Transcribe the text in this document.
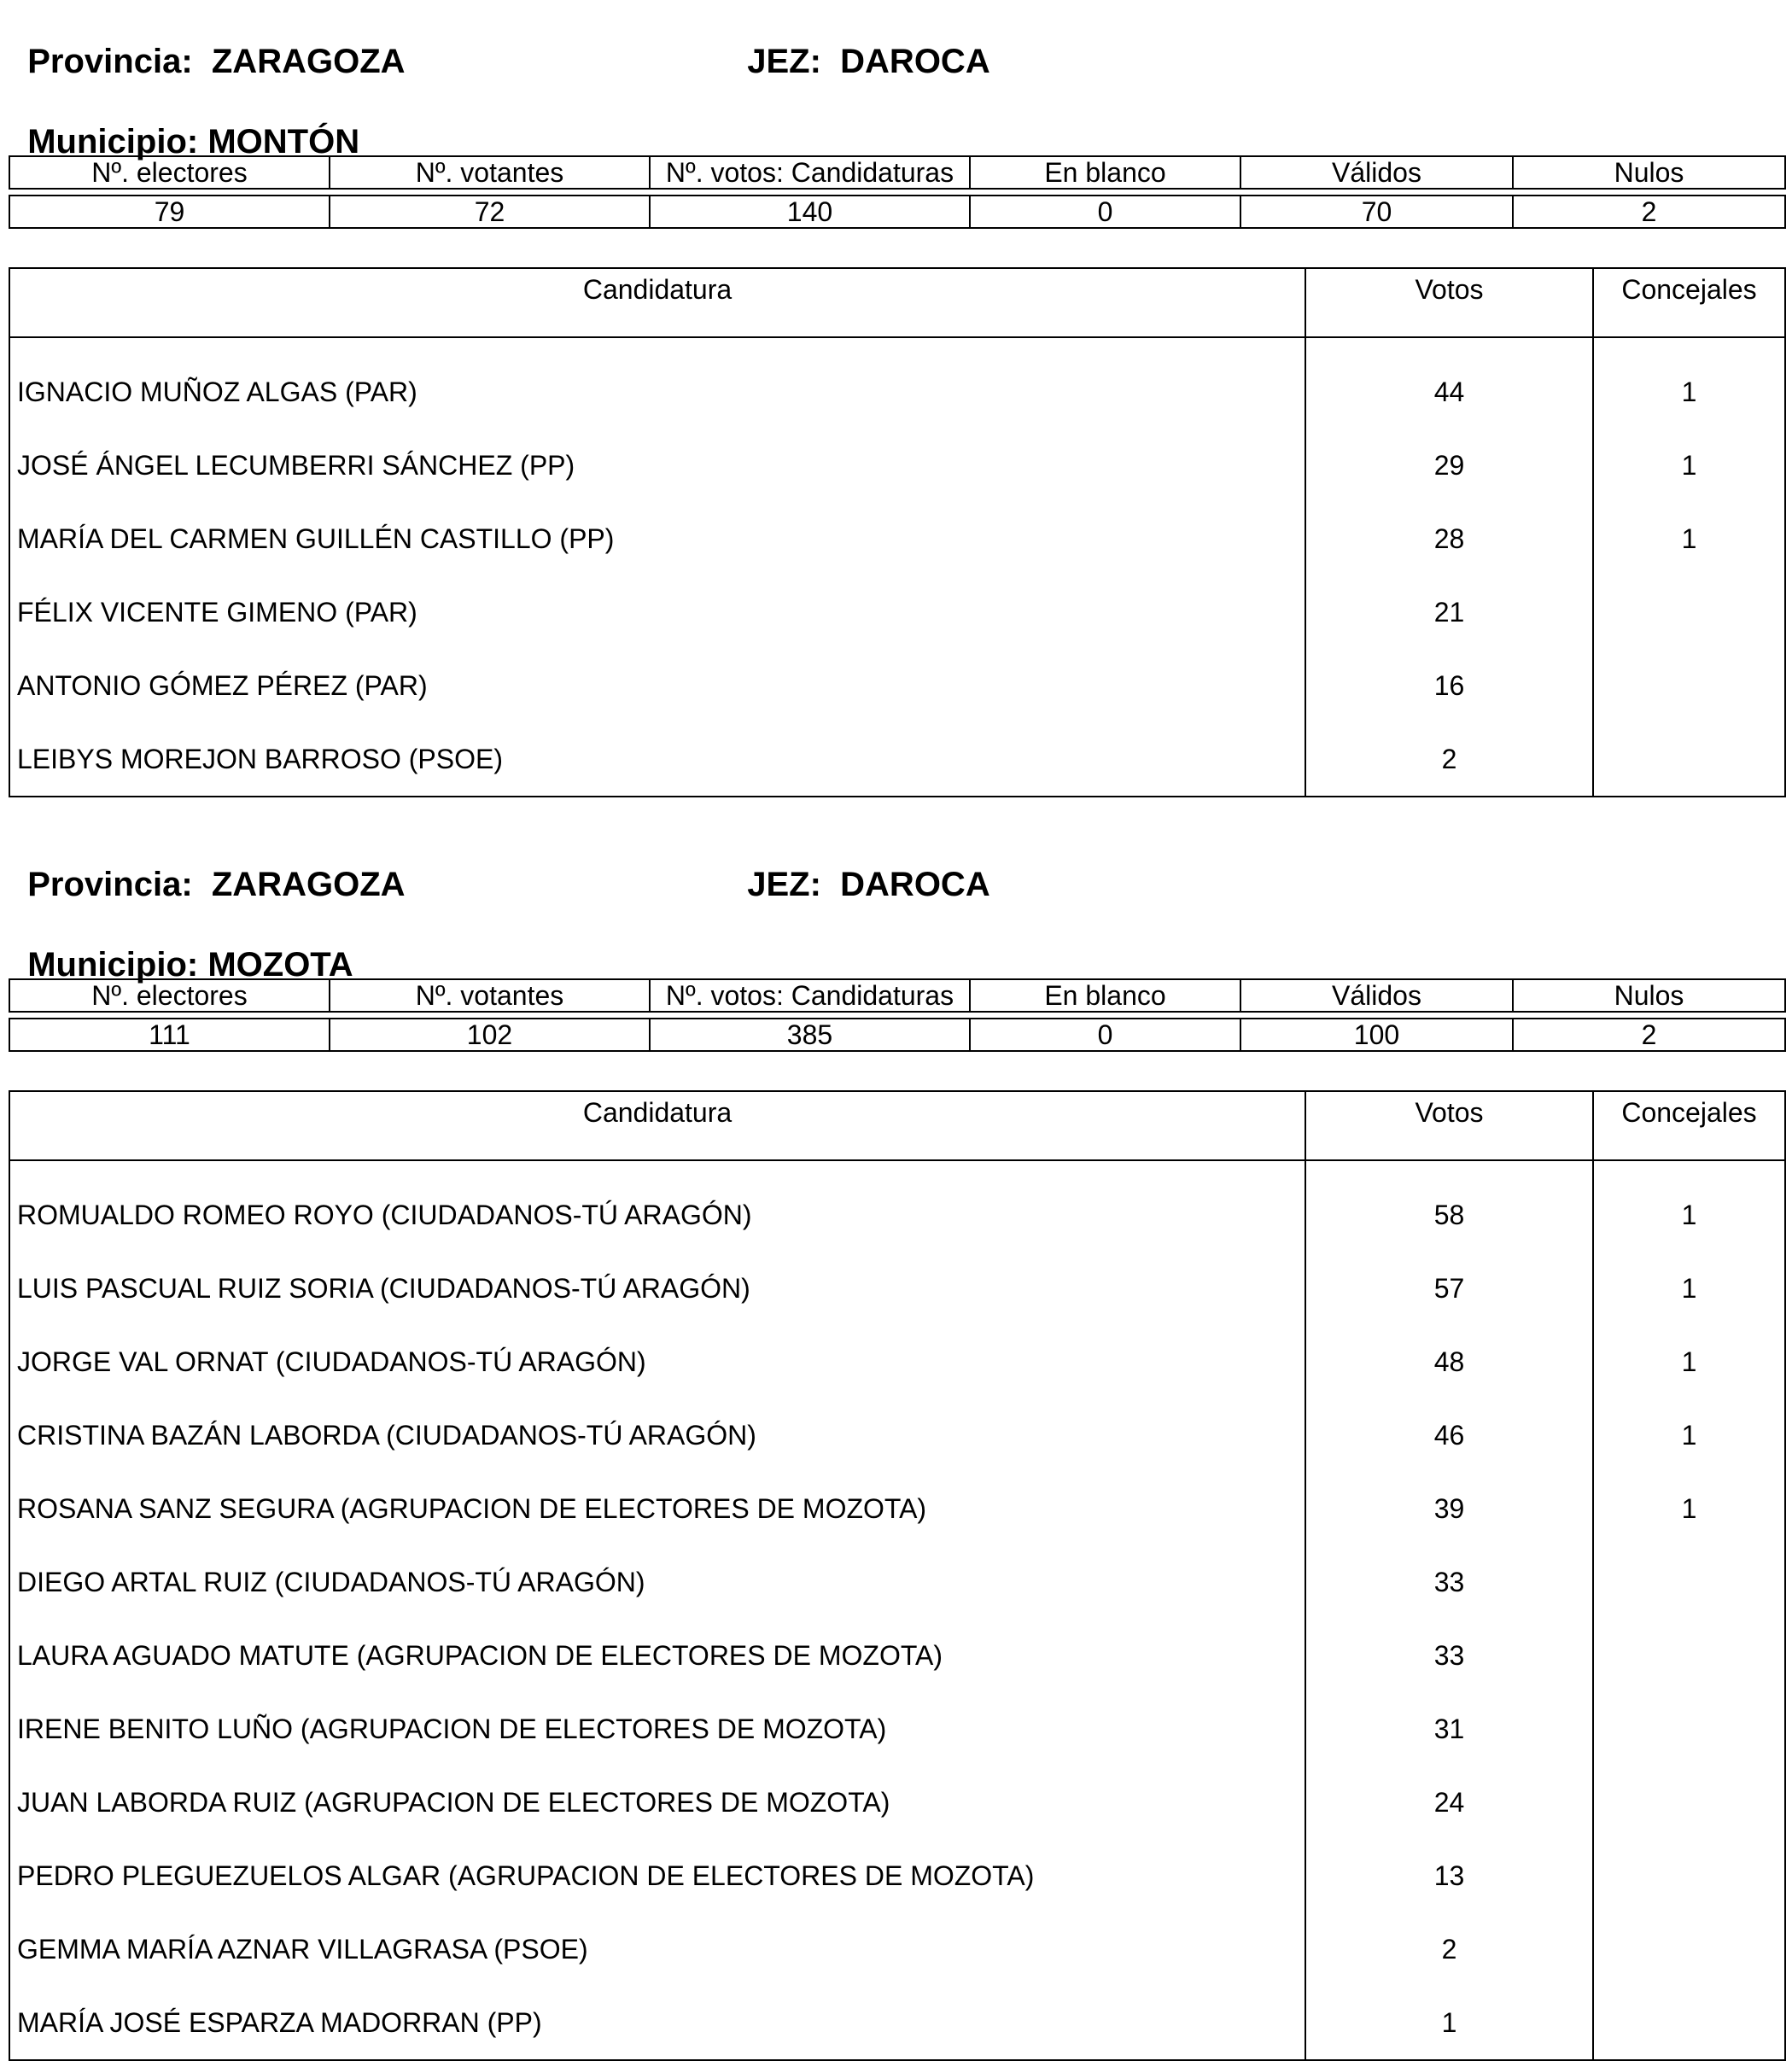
Provincia: ZARAGOZA	JEZ: DAROCA

Municipio: MONTÓN

Nº. electores	Nº. votantes	Nº. votos: Candidaturas	En blanco	Válidos	Nulos

79	72	140	0	70	2
Candidatura	Votos	Concejales
IGNACIO MUÑOZ ALGAS (PAR)	44	1
JOSÉ ÁNGEL LECUMBERRI SÁNCHEZ (PP)	29	1
MARÍA DEL CARMEN GUILLÉN CASTILLO (PP)	28	1
FÉLIX VICENTE GIMENO (PAR)	21	
ANTONIO GÓMEZ PÉREZ (PAR)	16	
LEIBYS MOREJON BARROSO (PSOE)	2	

Provincia: ZARAGOZA	JEZ: DAROCA

Municipio: MOZOTA

Nº. electores	Nº. votantes	Nº. votos: Candidaturas	En blanco	Válidos	Nulos

111	102	385	0	100	2
Candidatura	Votos	Concejales
ROMUALDO ROMEO ROYO (CIUDADANOS-TÚ ARAGÓN)	58	1
LUIS PASCUAL RUIZ SORIA (CIUDADANOS-TÚ ARAGÓN)	57	1
JORGE VAL ORNAT (CIUDADANOS-TÚ ARAGÓN)	48	1
CRISTINA BAZÁN LABORDA (CIUDADANOS-TÚ ARAGÓN)	46	1
ROSANA SANZ SEGURA (AGRUPACION DE ELECTORES DE MOZOTA)	39	1
DIEGO ARTAL RUIZ (CIUDADANOS-TÚ ARAGÓN)	33	
LAURA AGUADO MATUTE (AGRUPACION DE ELECTORES DE MOZOTA)	33	
IRENE BENITO LUÑO (AGRUPACION DE ELECTORES DE MOZOTA)	31	
JUAN LABORDA RUIZ (AGRUPACION DE ELECTORES DE MOZOTA)	24	
PEDRO PLEGUEZUELOS ALGAR (AGRUPACION DE ELECTORES DE MOZOTA)	13	
GEMMA MARÍA AZNAR VILLAGRASA (PSOE)	2	
MARÍA JOSÉ ESPARZA MADORRAN (PP)	1	
